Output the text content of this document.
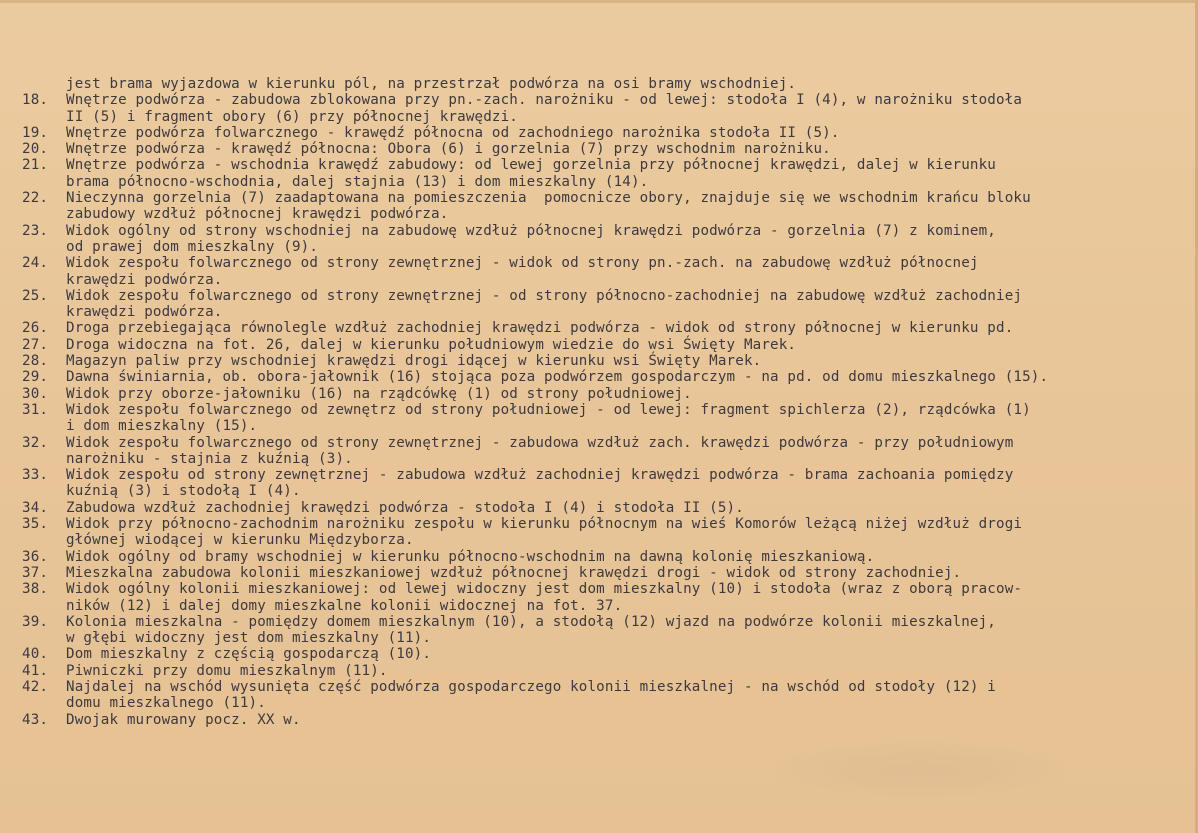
jest brama wyjazdowa w kierunku pól, na przestrzał podwórza na osi bramy wschodniej.
18.	Wnętrze podwórza - zabudowa zblokowana przy pn.-zach. narożniku - od lewej: stodoła I (4), w narożniku stodoła
II (5) i fragment obory (6) przy północnej krawędzi.
19.	Wnętrze podwórza folwarcznego - krawędź północna od zachodniego narożnika stodoła II (5).
20.	Wnętrze podwórza - krawędź północna: Obora (6) i gorzelnia (7) przy wschodnim narożniku.
21.	Wnętrze podwórza - wschodnia krawędź zabudowy: od lewej gorzelnia przy północnej krawędzi, dalej w kierunku
brama północno-wschodnia, dalej stajnia (13) i dom mieszkalny (14).
22.	Nieczynna gorzelnia (7) zaadaptowana na pomieszczenia  pomocnicze obory, znajduje się we wschodnim krańcu bloku
zabudowy wzdłuż północnej krawędzi podwórza.
23.	Widok ogólny od strony wschodniej na zabudowę wzdłuż północnej krawędzi podwórza - gorzelnia (7) z kominem,
od prawej dom mieszkalny (9).
24.	Widok zespołu folwarcznego od strony zewnętrznej - widok od strony pn.-zach. na zabudowę wzdłuż północnej
krawędzi podwórza.
25.	Widok zespołu folwarcznego od strony zewnętrznej - od strony północno-zachodniej na zabudowę wzdłuż zachodniej
krawędzi podwórza.
26.	Droga przebiegająca równolegle wzdłuż zachodniej krawędzi podwórza - widok od strony północnej w kierunku pd.
27.	Droga widoczna na fot. 26, dalej w kierunku południowym wiedzie do wsi Święty Marek.
28.	Magazyn paliw przy wschodniej krawędzi drogi idącej w kierunku wsi Święty Marek.
29.	Dawna świniarnia, ob. obora-jałownik (16) stojąca poza podwórzem gospodarczym - na pd. od domu mieszkalnego (15).
30.	Widok przy oborze-jałowniku (16) na rządcówkę (1) od strony południowej.
31.	Widok zespołu folwarcznego od zewnętrz od strony południowej - od lewej: fragment spichlerza (2), rządcówka (1)
i dom mieszkalny (15).
32.	Widok zespołu folwarcznego od strony zewnętrznej - zabudowa wzdłuż zach. krawędzi podwórza - przy południowym
narożniku - stajnia z kuźnią (3).
33.	Widok zespołu od strony zewnętrznej - zabudowa wzdłuż zachodniej krawędzi podwórza - brama zachoania pomiędzy
kuźnią (3) i stodołą I (4).
34.	Zabudowa wzdłuż zachodniej krawędzi podwórza - stodoła I (4) i stodoła II (5).
35.	Widok przy północno-zachodnim narożniku zespołu w kierunku północnym na wieś Komorów leżącą niżej wzdłuż drogi
głównej wiodącej w kierunku Międzyborza.
36.	Widok ogólny od bramy wschodniej w kierunku północno-wschodnim na dawną kolonię mieszkaniową.
37.	Mieszkalna zabudowa kolonii mieszkaniowej wzdłuż północnej krawędzi drogi - widok od strony zachodniej.
38.	Widok ogólny kolonii mieszkaniowej: od lewej widoczny jest dom mieszkalny (10) i stodoła (wraz z oborą pracow-
ników (12) i dalej domy mieszkalne kolonii widocznej na fot. 37.
39.	Kolonia mieszkalna - pomiędzy domem mieszkalnym (10), a stodołą (12) wjazd na podwórze kolonii mieszkalnej,
w głębi widoczny jest dom mieszkalny (11).
40.	Dom mieszkalny z częścią gospodarczą (10).
41.	Piwniczki przy domu mieszkalnym (11).
42.	Najdalej na wschód wysunięta część podwórza gospodarczego kolonii mieszkalnej - na wschód od stodoły (12) i
domu mieszkalnego (11).
43.	Dwojak murowany pocz. XX w.
